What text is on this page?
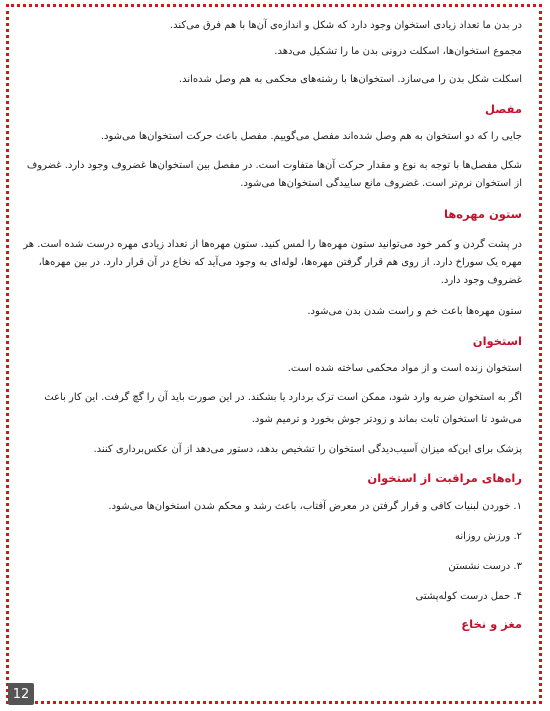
در بدن ما تعداد زیادی استخوان وجود دارد که شکل و اندازه‌ی آن‌ها با هم فرق می‌کند.

مجموع استخوان‌ها، اسکلت درونی بدن ما را تشکیل می‌دهد.

اسکلت شکل بدن را می‌سازد. استخوان‌ها با رشته‌های محکمی به هم وصل شده‌اند.

مفصل

جایی را که دو استخوان به هم وصل شده‌اند مفصل می‌گوییم. مفصل باعث حرکت استخوان‌ها می‌شود.

شکل مفصل‌ها با توجه به نوع و مقدار حرکت آن‌ها متفاوت است. در مفصل بین استخوان‌ها غضروف وجود دارد. غضروف از استخوان نرم‌تر است. غضروف مانع ساییدگی استخوان‌ها می‌شود.

ستون مهره‌ها

در پشت گردن و کمر خود می‌توانید ستون مهره‌ها را لمس کنید. ستون مهره‌ها از تعداد زیادی مهره درست شده است. هر مهره یک سوراخ دارد. از روی هم قرار گرفتن مهره‌ها، لوله‌ای به وجود می‌آید که نخاع در آن قرار دارد. در بین مهره‌ها، غضروف وجود دارد.

ستون مهره‌ها باعث خم و راست شدن بدن می‌شود.

استخوان

استخوان زنده است و از مواد محکمی ساخته شده است.

اگر به استخوان ضربه وارد شود، ممکن است ترک بردارد یا بشکند. در این صورت باید آن را گچ گرفت. این کار باعث می‌شود تا استخوان ثابت بماند و زودتر جوش بخورد و ترمیم شود.

پزشک برای این‌که میزان آسیب‌دیدگی استخوان را تشخیص بدهد، دستور می‌دهد از آن عکس‌برداری کنند.

راه‌های مراقبت از استخوان

۱. خوردن لبنیات کافی و قرار گرفتن در معرض آفتاب، باعث رشد و محکم شدن استخوان‌ها می‌شود.

۲. ورزش روزانه

۳. درست نشستن

۴. حمل درست کوله‌پشتی

مغز و نخاع
12
